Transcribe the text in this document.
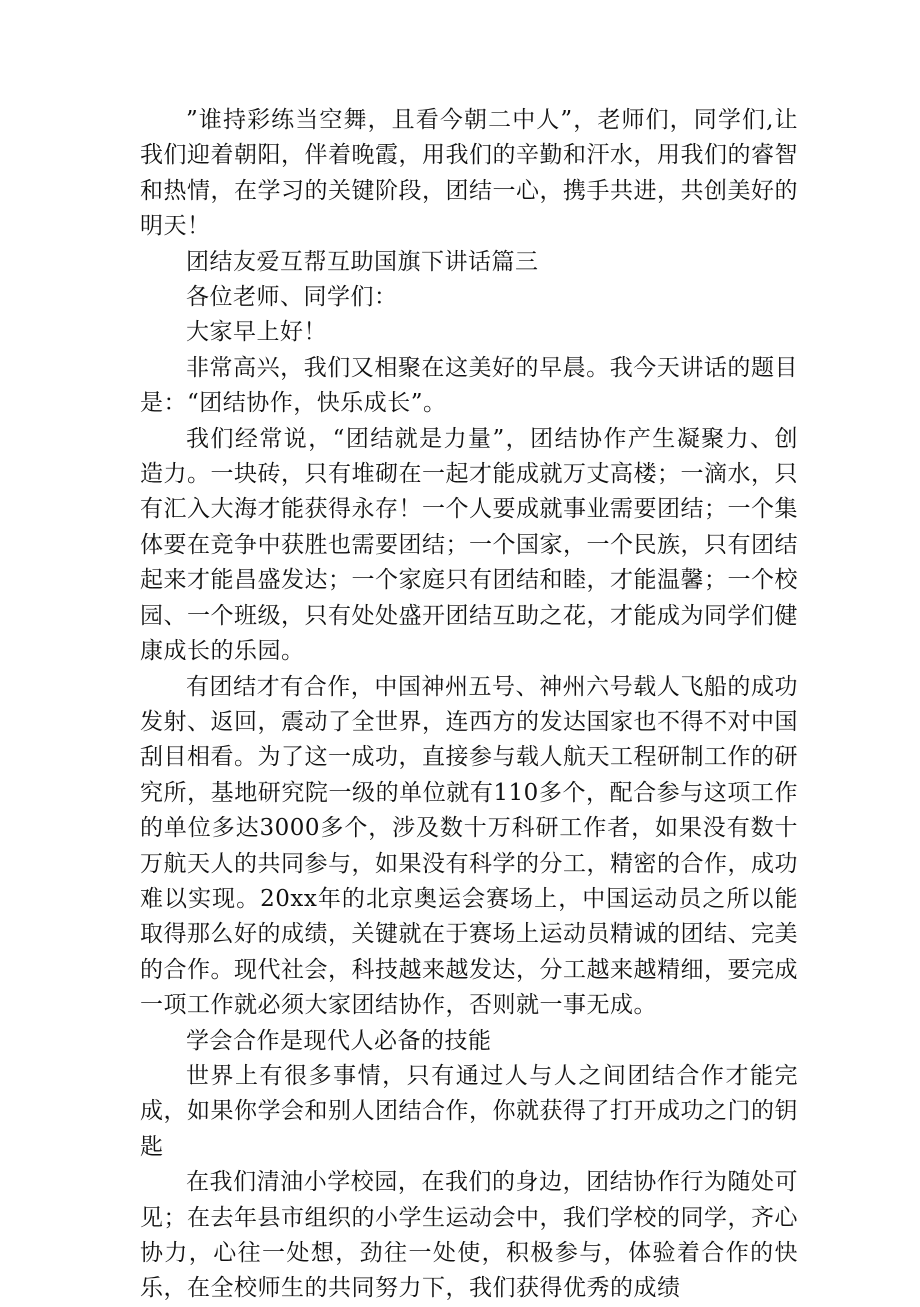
”谁持彩练当空舞，且看今朝二中人”，老师们，同学们,让我们迎着朝阳，伴着晚霞，用我们的辛勤和汗水，用我们的睿智和热情，在学习的关键阶段，团结一心，携手共进，共创美好的明天！

团结友爱互帮互助国旗下讲话篇三

各位老师、同学们：

大家早上好！

非常高兴，我们又相聚在这美好的早晨。我今天讲话的题目是：“团结协作，快乐成长”。

我们经常说，“团结就是力量”，团结协作产生凝聚力、创造力。一块砖，只有堆砌在一起才能成就万丈高楼；一滴水，只有汇入大海才能获得永存！一个人要成就事业需要团结；一个集体要在竞争中获胜也需要团结；一个国家，一个民族，只有团结起来才能昌盛发达；一个家庭只有团结和睦，才能温馨；一个校园、一个班级，只有处处盛开团结互助之花，才能成为同学们健康成长的乐园。

有团结才有合作，中国神州五号、神州六号载人飞船的成功发射、返回，震动了全世界，连西方的发达国家也不得不对中国刮目相看。为了这一成功，直接参与载人航天工程研制工作的研究所，基地研究院一级的单位就有110多个，配合参与这项工作的单位多达3000多个，涉及数十万科研工作者，如果没有数十万航天人的共同参与，如果没有科学的分工，精密的合作，成功难以实现。20xx年的北京奥运会赛场上，中国运动员之所以能取得那么好的成绩，关键就在于赛场上运动员精诚的团结、完美的合作。现代社会，科技越来越发达，分工越来越精细，要完成一项工作就必须大家团结协作，否则就一事无成。

学会合作是现代人必备的技能

世界上有很多事情，只有通过人与人之间团结合作才能完成，如果你学会和别人团结合作，你就获得了打开成功之门的钥匙

在我们清油小学校园，在我们的身边，团结协作行为随处可见；在去年县市组织的小学生运动会中，我们学校的同学，齐心协力，心往一处想，劲往一处使，积极参与，体验着合作的快乐，在全校师生的共同努力下，我们获得优秀的成绩
